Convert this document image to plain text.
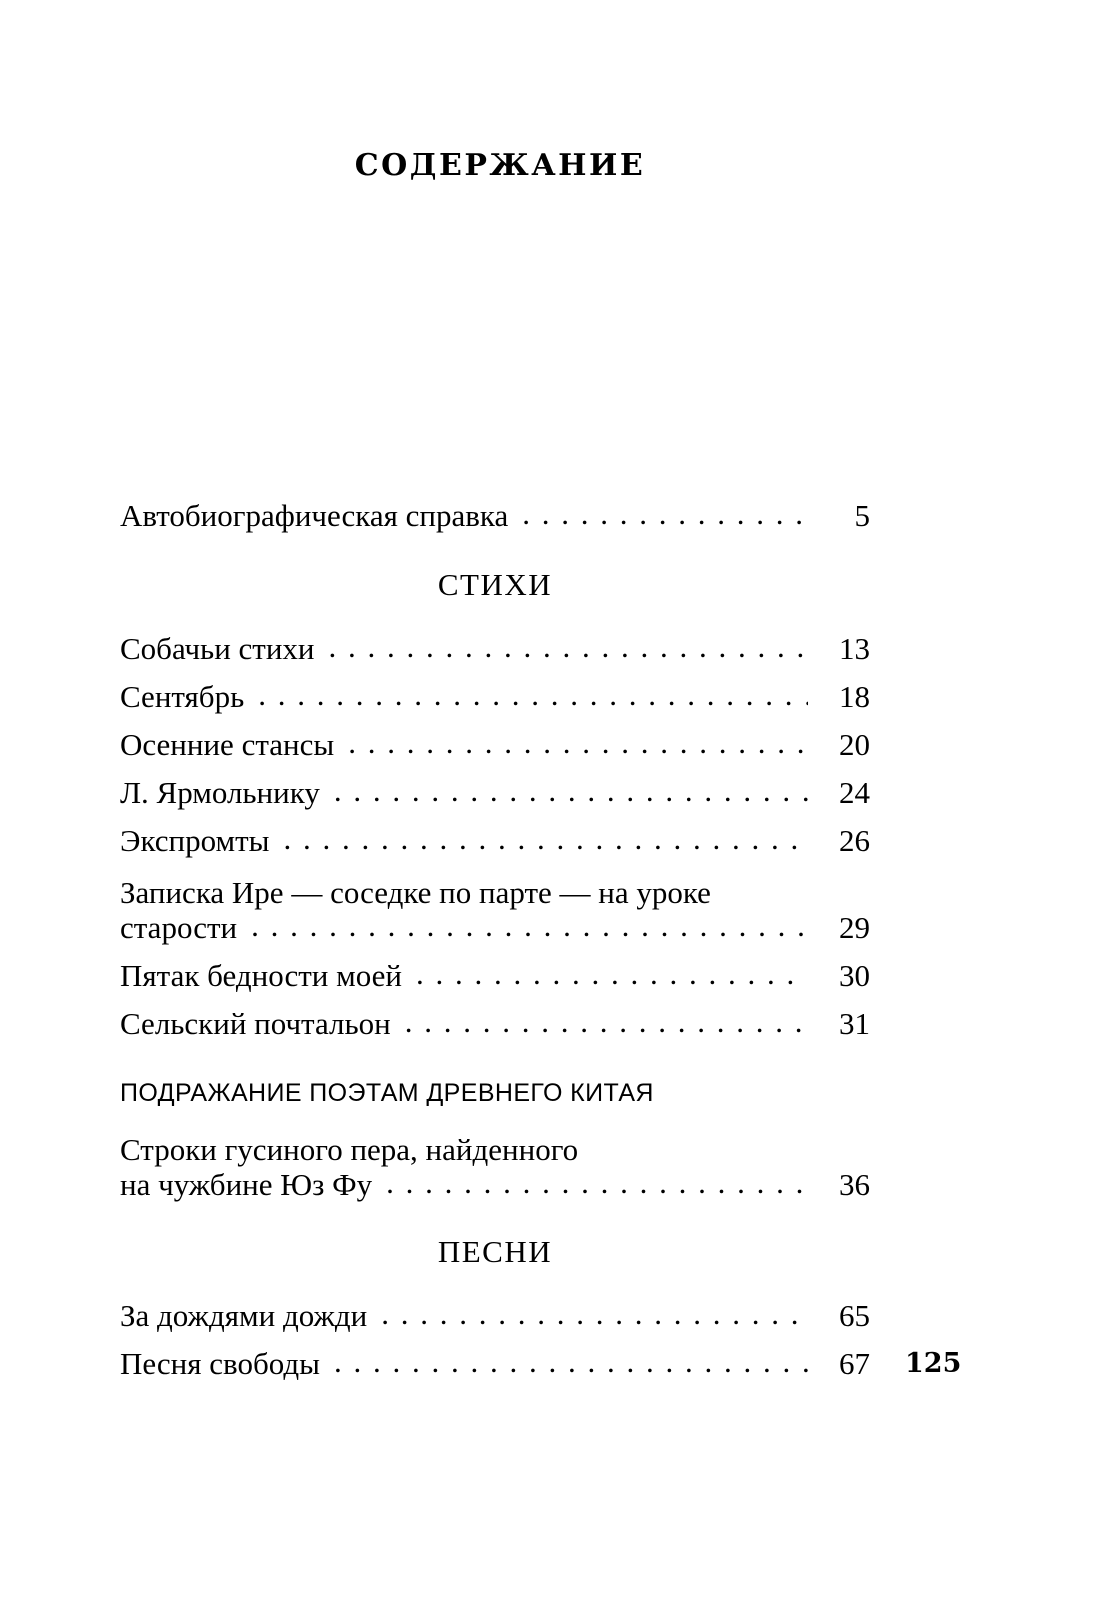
СОДЕРЖАНИЕ
Автобиографическая справка . . .	5
СТИХИ
Собачьи стихи . . .	13
Сентябрь . . .	18
Осенние стансы . . .	20
Л. Ярмольнику . . .	24
Экспромты . . .	26
Записка Ире — соседке по парте — на уроке
старости . . .	29
Пятак бедности моей . . .	30
Сельский почтальон . . .	31
ПОДРАЖАНИЕ ПОЭТАМ ДРЕВНЕГО КИТАЯ
Строки гусиного пера, найденного
на чужбине Юз Фу . . .	36
ПЕСНИ
За дождями дожди . . .	65
Песня свободы . . .	67 125
